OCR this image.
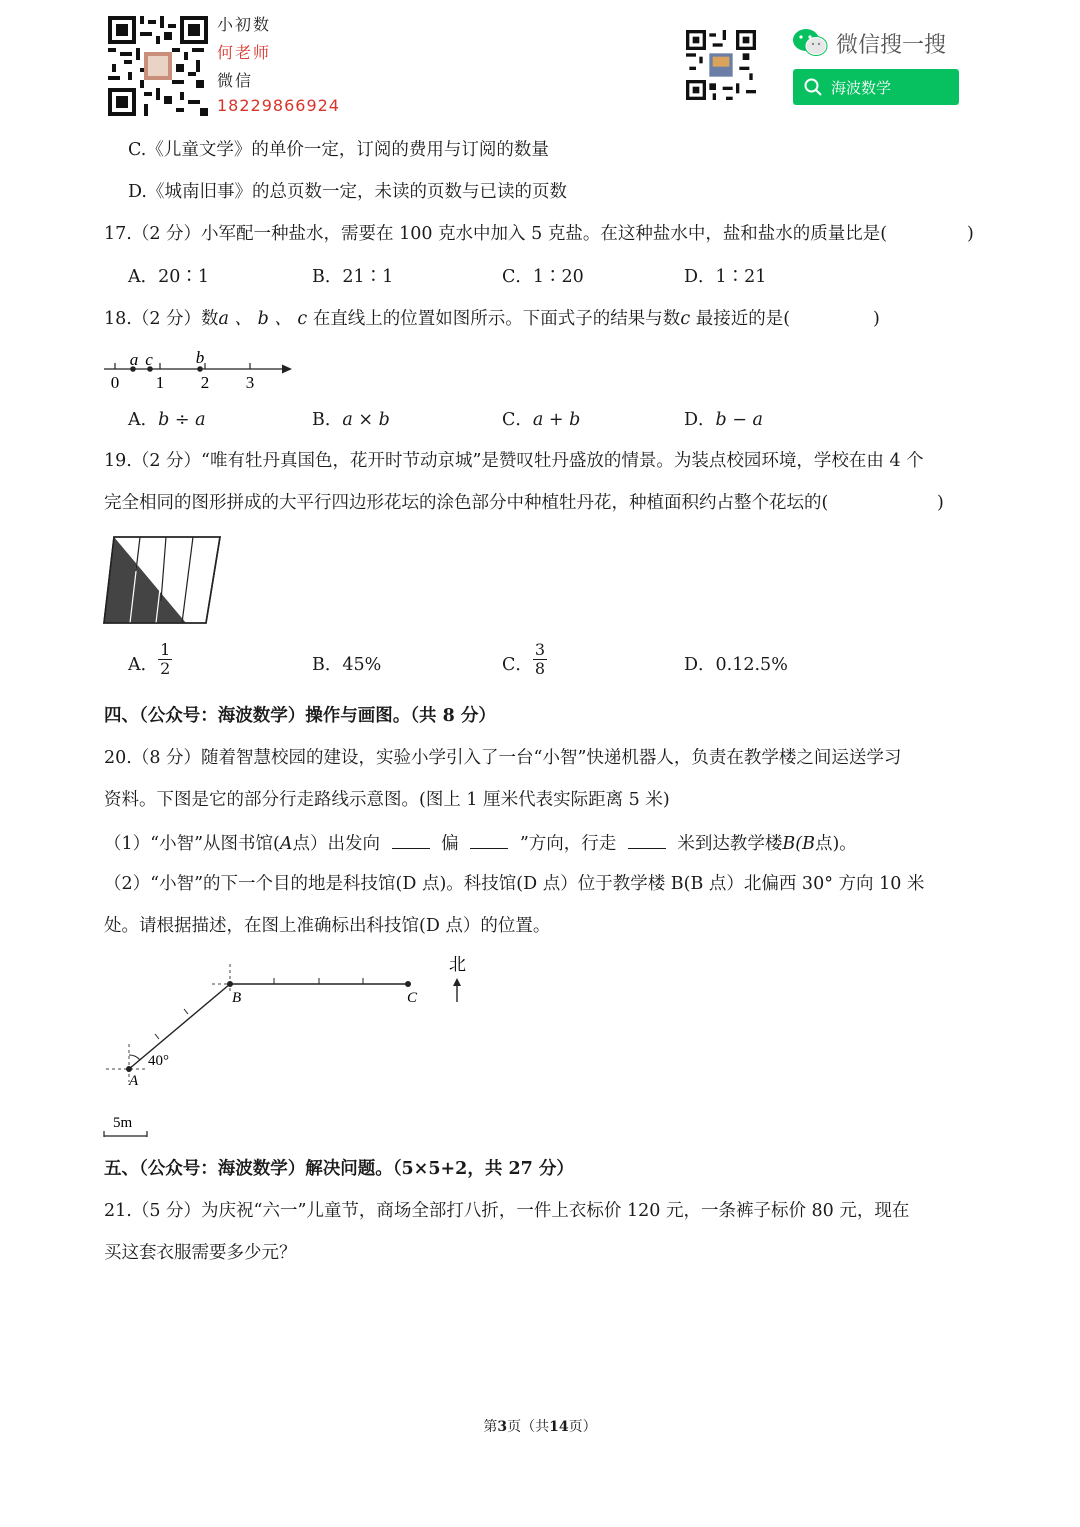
小初数
何老师
微信
18229866924
微信搜一搜
海波数学
C.《儿童文学》的单价一定，订阅的费用与订阅的数量
D.《城南旧事》的总页数一定，未读的页数与已读的页数
17.（2 分）小军配一种盐水，需要在 100 克水中加入 5 克盐。在这种盐水中，盐和盐水的质量比是(	)
A．20∶1	B．21∶1	C．1∶20	D．1∶21
18.（2 分）数a 、 b 、 c 在直线上的位置如图所示。下面式子的结果与数c 最接近的是(	)
0 1 2 3
a c	b
A．b ÷ a	B．a × b	C．a + b	D．b − a
19.（2 分）“唯有牡丹真国色，花开时节动京城”是赞叹牡丹盛放的情景。为装点校园环境，学校在由 4 个
完全相同的图形拼成的大平行四边形花坛的涂色部分中种植牡丹花，种植面积约占整个花坛的(	)
A． $\frac{1}{2}$	B．45%	C． $\frac{3}{8}$	D．0.12.5%
四、（公众号：海波数学）操作与画图。（共 8 分）
20.（8 分）随着智慧校园的建设，实验小学引入了一台“小智”快递机器人，负责在教学楼之间运送学习
资料。下图是它的部分行走路线示意图。(图上 1 厘米代表实际距离 5 米)
（1）“小智”从图书馆(A点）出发向	偏	”方向，行走	米到达教学楼B(B点)。
（2）“小智”的下一个目的地是科技馆(D 点)。科技馆(D 点）位于教学楼 B(B 点）北偏西 30° 方向 10 米
处。请根据描述，在图上准确标出科技馆(D 点）的位置。
40°
A
B	C
北
5m
五、（公众号：海波数学）解决问题。（5×5+2，共 27 分）
21.（5 分）为庆祝“六一”儿童节，商场全部打八折，一件上衣标价 120 元，一条裤子标价 80 元，现在
买这套衣服需要多少元？
第3页（共14页）
